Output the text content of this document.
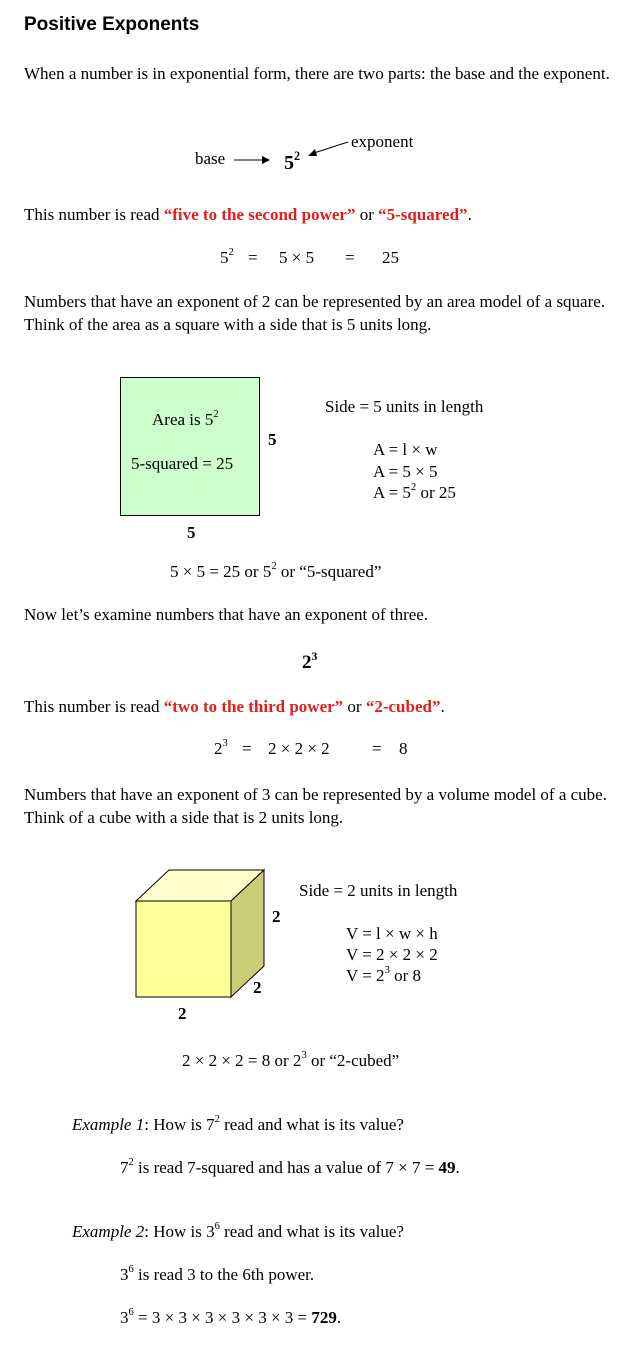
Positive Exponents
When a number is in exponential form, there are two parts: the base and the exponent.
base	$5^2$
exponent
This number is read “five to the second power” or “5-squared”.
$5^2 = 5 \times 5 = 25$
Numbers that have an exponent of 2 can be represented by an area model of a square. Think of the area as a square with a side that is 5 units long.
Area is $5^2$
5-squared = 25
5
5
Side = 5 units in length
A = l × w
A = 5 × 5
$A = 5^2$ or 25
5 × 5 = 25 or $5^2$ or “5-squared”
Now let’s examine numbers that have an exponent of three.
$2^3$
This number is read “two to the third power” or “2-cubed”.
$2^3 = 2 \times 2 \times 2 = 8$
Numbers that have an exponent of 3 can be represented by a volume model of a cube. Think of a cube with a side that is 2 units long.
2
2
2
Side = 2 units in length
V = l × w × h
V = 2 × 2 × 2
$V = 2^3$ or 8
2 × 2 × 2 = 8 or $2^3$ or “2-cubed”
Example 1: How is $7^2$ read and what is its value?
$7^2$ is read 7-squared and has a value of 7 × 7 = 49.
Example 2: How is $3^6$ read and what is its value?
$3^6$ is read 3 to the 6th power.
$3^6 = 3 \times 3 \times 3 \times 3 \times 3 \times 3 = 729$.
